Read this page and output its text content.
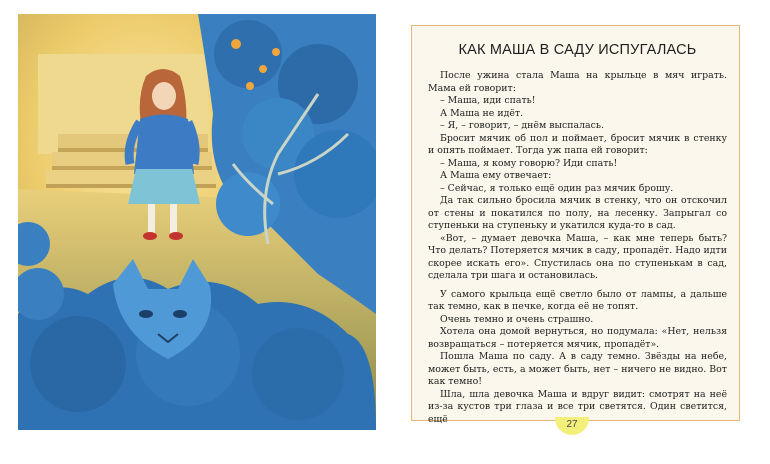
КАК МАША В САДУ ИСПУГАЛАСЬ

После ужина стала Маша на крыльце в мяч играть. Мама ей говорит:

– Маша, иди спать!

А Маша не идёт.

– Я, – говорит, – днём выспалась.

Бросит мячик об пол и поймает, бросит мячик в стенку и опять поймает. Тогда уж папа ей говорит:

– Маша, я кому говорю? Иди спать!

А Маша ему отвечает:

– Сейчас, я только ещё один раз мячик брошу.

Да так сильно бросила мячик в стенку, что он отскочил от стены и покатился по полу, на лесенку. Запрыгал со ступеньки на ступеньку и укатился куда-то в сад.

«Вот, – думает девочка Маша, – как мне теперь быть? Что делать? Потеряется мячик в саду, пропадёт. Надо идти скорее искать его». Спустилась она по ступенькам в сад, сделала три шага и остановилась.

У самого крыльца ещё светло было от лампы, а дальше так темно, как в печке, когда её не топят.

Очень темно и очень страшно.

Хотела она домой вернуться, но подумала: «Нет, нельзя возвращаться – потеряется мячик, пропадёт».

Пошла Маша по саду. А в саду темно. Звёзды на небе, может быть, есть, а может быть, нет – ничего не видно. Вот как темно!

Шла, шла девочка Маша и вдруг видит: смотрят на неё из-за кустов три глаза и все три светятся. Один светится, ещё	27
